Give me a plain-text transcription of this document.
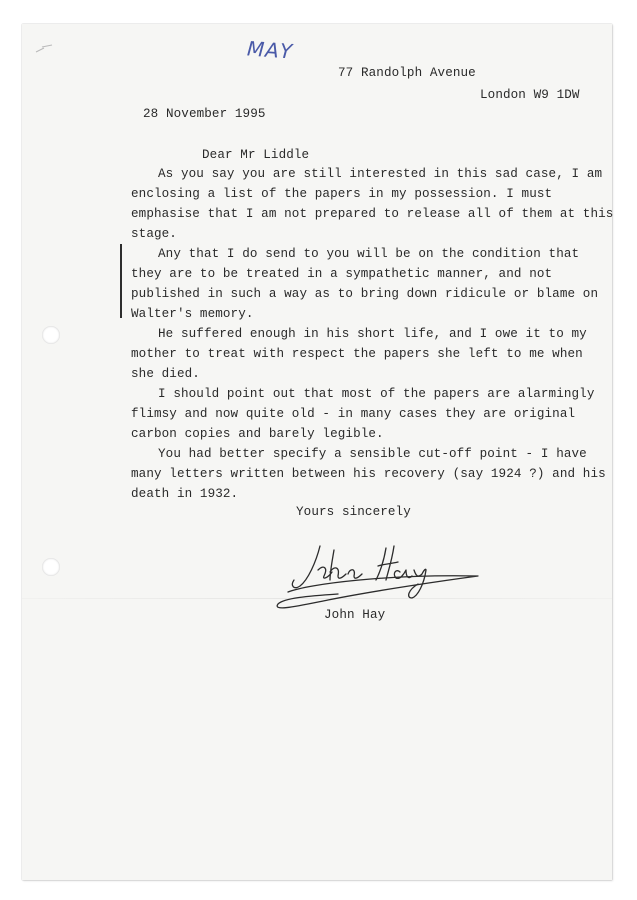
MAY
77 Randolph Avenue
London W9 1DW
28 November 1995
Dear Mr Liddle
As you say you are still interested in this sad case, I am
enclosing a list of the papers in my possession. I must
emphasise that I am not prepared to release all of them at this
stage.
Any that I do send to you will be on the condition that
they are to be treated in a sympathetic manner, and not
published in such a way as to bring down ridicule or blame on
Walter's memory.
He suffered enough in his short life, and I owe it to my
mother to treat with respect the papers she left to me when
she died.
I should point out that most of the papers are alarmingly
flimsy and now quite old - in many cases they are original
carbon copies and barely legible.
You had better specify a sensible cut-off point - I have
many letters written between his recovery (say 1924 ?) and his
death in 1932.
Yours sincerely
John Hay
